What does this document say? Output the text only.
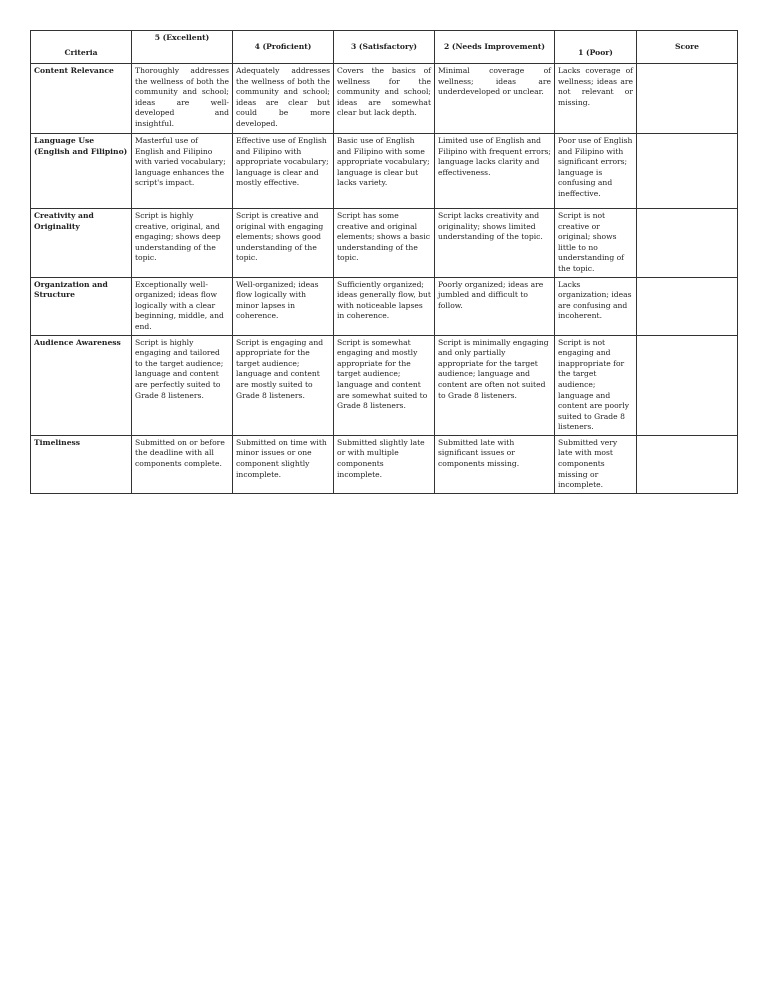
Criteria	5 (Excellent)	4 (Proficient)	3 (Satisfactory)	2 (Needs Improvement)	1 (Poor)	Score
Content Relevance	Thoroughly addresses the wellness of both the community and school; ideas are well-developed and insightful.	Adequately addresses the wellness of both the community and school; ideas are clear but could be more developed.	Covers the basics of wellness for the community and school; ideas are somewhat clear but lack depth.	Minimal coverage of wellness; ideas are underdeveloped or unclear.	Lacks coverage of wellness; ideas are not relevant or missing.	
Language Use (English and Filipino)	Masterful use of English and Filipino with varied vocabulary; language enhances the script's impact.	Effective use of English and Filipino with appropriate vocabulary; language is clear and mostly effective.	Basic use of English and Filipino with some appropriate vocabulary; language is clear but lacks variety.	Limited use of English and Filipino with frequent errors; language lacks clarity and effectiveness.	Poor use of English and Filipino with significant errors; language is confusing and ineffective.	
Creativity and Originality	Script is highly creative, original, and engaging; shows deep understanding of the topic.	Script is creative and original with engaging elements; shows good understanding of the topic.	Script has some creative and original elements; shows a basic understanding of the topic.	Script lacks creativity and originality; shows limited understanding of the topic.	Script is not creative or original; shows little to no understanding of the topic.	
Organization and Structure	Exceptionally well-organized; ideas flow logically with a clear beginning, middle, and end.	Well-organized; ideas flow logically with minor lapses in coherence.	Sufficiently organized; ideas generally flow, but with noticeable lapses in coherence.	Poorly organized; ideas are jumbled and difficult to follow.	Lacks organization; ideas are confusing and incoherent.	
Audience Awareness	Script is highly engaging and tailored to the target audience; language and content are perfectly suited to Grade 8 listeners.	Script is engaging and appropriate for the target audience; language and content are mostly suited to Grade 8 listeners.	Script is somewhat engaging and mostly appropriate for the target audience; language and content are somewhat suited to Grade 8 listeners.	Script is minimally engaging and only partially appropriate for the target audience; language and content are often not suited to Grade 8 listeners.	Script is not engaging and inappropriate for the target audience; language and content are poorly suited to Grade 8 listeners.	
Timeliness	Submitted on or before the deadline with all components complete.	Submitted on time with minor issues or one component slightly incomplete.	Submitted slightly late or with multiple components incomplete.	Submitted late with significant issues or components missing.	Submitted very late with most components missing or incomplete.	
